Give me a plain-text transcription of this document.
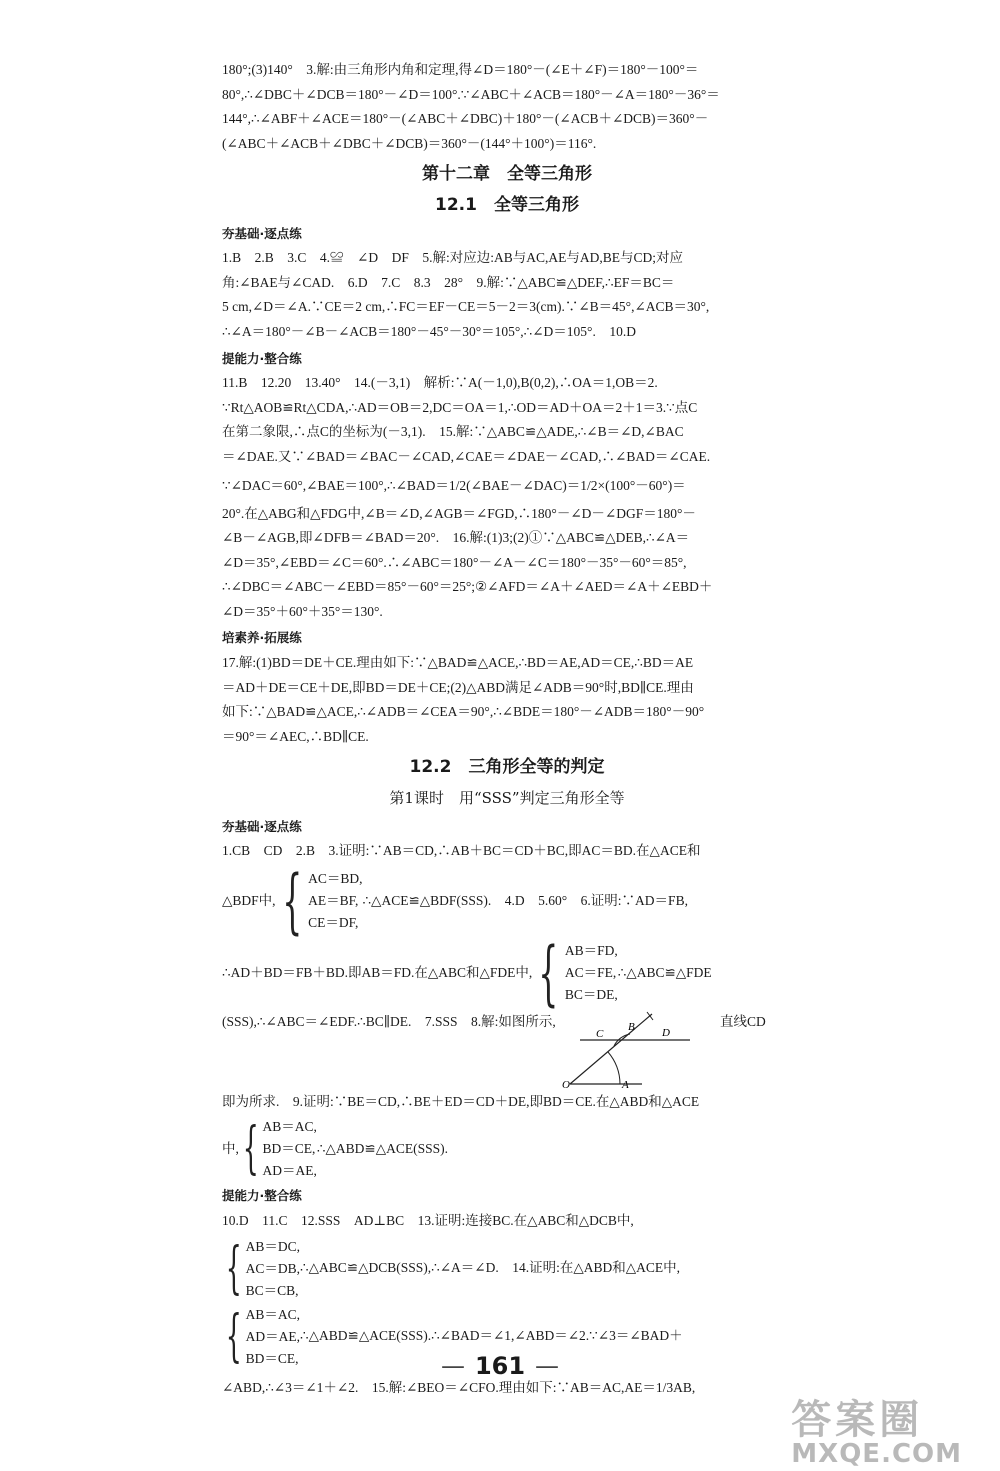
180°;(3)140°　3.解:由三角形内角和定理,得∠D＝180°－(∠E＋∠F)＝180°－100°＝
80°,∴∠DBC＋∠DCB＝180°－∠D＝100°.∵∠ABC＋∠ACB＝180°－∠A＝180°－36°＝
144°,∴∠ABF＋∠ACE＝180°－(∠ABC＋∠DBC)＋180°－(∠ACB＋∠DCB)＝360°－
(∠ABC＋∠ACB＋∠DBC＋∠DCB)＝360°－(144°＋100°)＝116°.
第十二章　全等三角形
12.1　全等三角形
夯基础·逐点练
1.B　2.B　3.C　4.≌　∠D　DF　5.解:对应边:AB与AC,AE与AD,BE与CD;对应
角:∠BAE与∠CAD.　6.D　7.C　8.3　28°　9.解:∵△ABC≌△DEF,∴EF＝BC＝
5 cm,∠D＝∠A.∵CE＝2 cm,∴FC＝EF－CE＝5－2＝3(cm).∵∠B＝45°,∠ACB＝30°,
∴∠A＝180°－∠B－∠ACB＝180°－45°－30°＝105°,∴∠D＝105°.　10.D
提能力·整合练
11.B　12.20　13.40°　14.(－3,1)　解析:∵A(－1,0),B(0,2),∴OA＝1,OB＝2.
∵Rt△AOB≌Rt△CDA,∴AD＝OB＝2,DC＝OA＝1,∴OD＝AD＋OA＝2＋1＝3.∵点C
在第二象限,∴点C的坐标为(－3,1).　15.解:∵△ABC≌△ADE,∴∠B＝∠D,∠BAC
＝∠DAE.又∵∠BAD＝∠BAC－∠CAD,∠CAE＝∠DAE－∠CAD,∴∠BAD＝∠CAE.
∵∠DAC＝60°,∠BAE＝100°,∴∠BAD＝1/2(∠BAE－∠DAC)＝1/2×(100°－60°)＝
20°.在△ABG和△FDG中,∠B＝∠D,∠AGB＝∠FGD,∴180°－∠D－∠DGF＝180°－
∠B－∠AGB,即∠DFB＝∠BAD＝20°.　16.解:(1)3;(2)①∵△ABC≌△DEB,∴∠A＝
∠D＝35°,∠EBD＝∠C＝60°.∴∠ABC＝180°－∠A－∠C＝180°－35°－60°＝85°,
∴∠DBC＝∠ABC－∠EBD＝85°－60°＝25°;②∠AFD＝∠A＋∠AED＝∠A＋∠EBD＋
∠D＝35°＋60°＋35°＝130°.
培素养·拓展练
17.解:(1)BD＝DE＋CE.理由如下:∵△BAD≌△ACE,∴BD＝AE,AD＝CE,∴BD＝AE
＝AD＋DE＝CE＋DE,即BD＝DE＋CE;(2)△ABD满足∠ADB＝90°时,BD∥CE.理由
如下:∵△BAD≌△ACE,∴∠ADB＝∠CEA＝90°,∴∠BDE＝180°－∠ADB＝180°－90°
＝90°＝∠AEC,∴BD∥CE.
12.2　三角形全等的判定
第1课时　用“SSS”判定三角形全等
夯基础·逐点练
1.CB　CD　2.B　3.证明:∵AB＝CD,∴AB＋BC＝CD＋BC,即AC＝BD.在△ACE和
△BDF中, { AC＝BD,
AE＝BF,
CE＝DF,
∴△ACE≌△BDF(SSS).　4.D　5.60°　6.证明:∵AD＝FB,
∴AD＋BD＝FB＋BD.即AB＝FD.在△ABC和△FDE中, { AB＝FD,
AC＝FE,
BC＝DE,
∴△ABC≌△FDE
(SSS),∴∠ABC＝∠EDF.∴BC∥DE.　7.SSS　8.解:如图所示,	B
C	D
O	A
直线CD
即为所求.　9.证明:∵BE＝CD,∴BE＋ED＝CD＋DE,即BD＝CE.在△ABD和△ACE
中, { AB＝AC,
BD＝CE,
AD＝AE,
∴△ABD≌△ACE(SSS).
提能力·整合练
10.D　11.C　12.SSS　AD⊥BC　13.证明:连接BC.在△ABC和△DCB中,
{ AB＝DC,
AC＝DB,
BC＝CB,
∴△ABC≌△DCB(SSS),∴∠A＝∠D.　14.证明:在△ABD和△ACE中,
{ AB＝AC,
AD＝AE,
BD＝CE,
∴△ABD≌△ACE(SSS).∴∠BAD＝∠1,∠ABD＝∠2.∵∠3＝∠BAD＋
∠ABD,∴∠3＝∠1＋∠2.　15.解:∠BEO＝∠CFO.理由如下:∵AB＝AC,AE＝1/3AB,
— 161 —
答案圈
MXQE.COM
